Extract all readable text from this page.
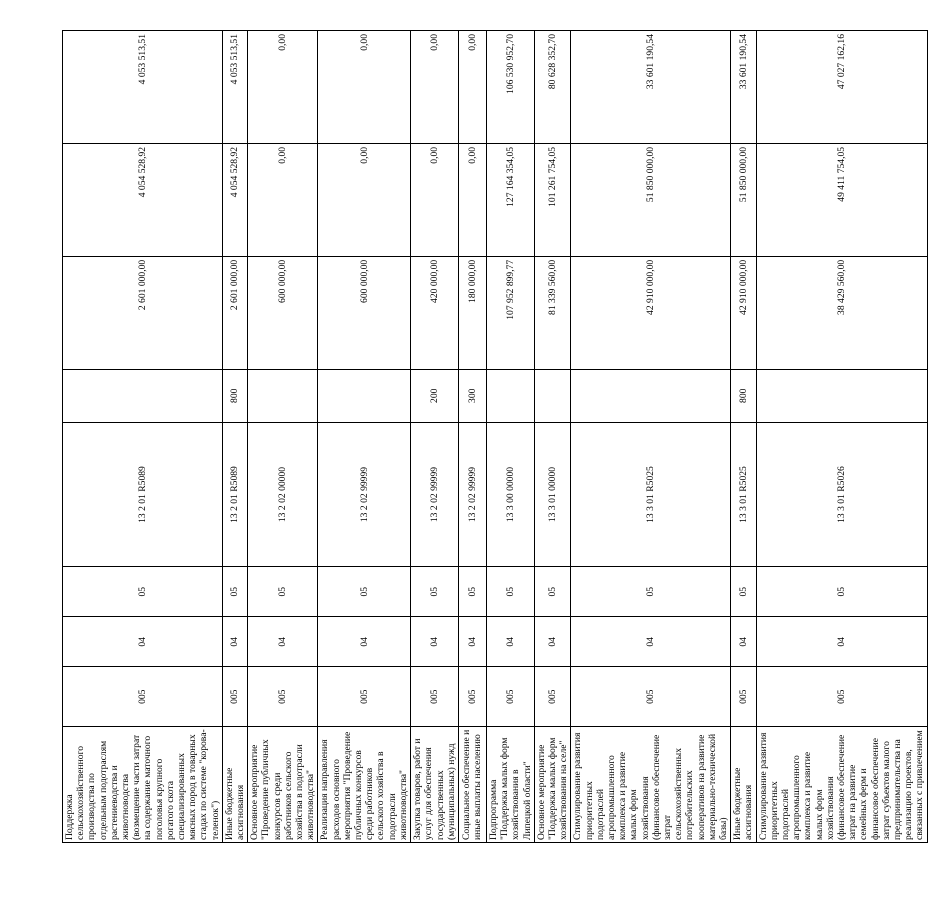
Поддержка сельскохозяйственного производства по отдельным подотраслям растениеводства и животноводства (возмещение части затрат на содержание маточного поголовья крупного рогатого скота специализированных мясных пород в товарных стадах по системе "корова-теленок")	005	04	05	13 2 01 R5089		2 601 000,00	4 054 528,92	4 053 513,51
Иные бюджетные ассигнования	005	04	05	13 2 01 R5089	800	2 601 000,00	4 054 528,92	4 053 513,51
Основное мероприятие "Проведение публичных конкурсов среди работников сельского хозяйства в подотрасли животноводства"	005	04	05	13 2 02 00000		600 000,00	0,00	0,00
Реализация направления расходов основного мероприятия "Проведение публичных конкурсов среди работников сельского хозяйства в подотрасли животноводства"	005	04	05	13 2 02 99999		600 000,00	0,00	0,00
Закупка товаров, работ и услуг для обеспечения государственных (муниципальных) нужд	005	04	05	13 2 02 99999	200	420 000,00	0,00	0,00
Социальное обеспечение и иные выплаты населению	005	04	05	13 2 02 99999	300	180 000,00	0,00	0,00
Подпрограмма "Поддержка малых форм хозяйствования в Липецкой области"	005	04	05	13 3 00 00000		107 952 899,77	127 164 354,05	106 530 952,70
Основное мероприятие "Поддержка малых форм хозяйствования на селе"	005	04	05	13 3 01 00000		81 339 560,00	101 261 754,05	80 628 352,70
Стимулирование развития приоритетных подотраслей агропромышленного комплекса и развитие малых форм хозяйствования (финансовое обеспечение затрат сельскохозяйственных потребительских кооперативов на развитие материально-технической базы)	005	04	05	13 3 01 R5025		42 910 000,00	51 850 000,00	33 601 190,54
Иные бюджетные ассигнования	005	04	05	13 3 01 R5025	800	42 910 000,00	51 850 000,00	33 601 190,54
Стимулирование развития приоритетных подотраслей агропромышленного комплекса и развитие малых форм хозяйствования (финансовое обеспечение затрат на развитие семейных ферм и финансовое обеспечение затрат субъектов малого предпринимательства на реализацию проектов, связанных с привлечением	005	04	05	13 3 01 R5026		38 429 560,00	49 411 754,05	47 027 162,16
